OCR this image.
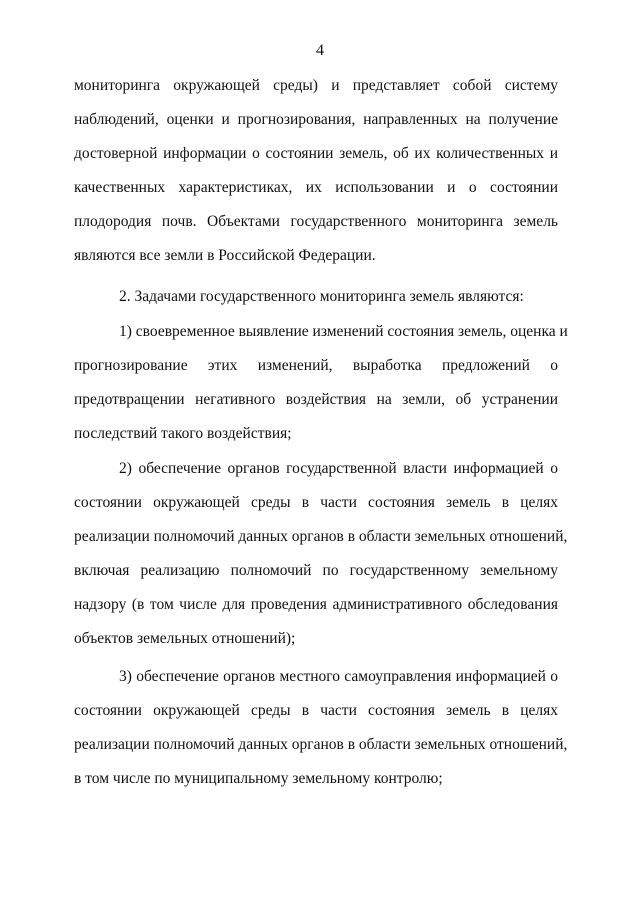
4
мониторинга окружающей среды) и представляет собой систему
наблюдений, оценки и прогнозирования, направленных на получение
достоверной информации о состоянии земель, об их количественных и
качественных характеристиках, их использовании и о состоянии
плодородия почв. Объектами государственного мониторинга земель
являются все земли в Российской Федерации.
2. Задачами государственного мониторинга земель являются:
1) своевременное выявление изменений состояния земель, оценка и
прогнозирование этих изменений, выработка предложений о
предотвращении негативного воздействия на земли, об устранении
последствий такого воздействия;
2) обеспечение органов государственной власти информацией о
состоянии окружающей среды в части состояния земель в целях
реализации полномочий данных органов в области земельных отношений,
включая реализацию полномочий по государственному земельному
надзору (в том числе для проведения административного обследования
объектов земельных отношений);
3) обеспечение органов местного самоуправления информацией о
состоянии окружающей среды в части состояния земель в целях
реализации полномочий данных органов в области земельных отношений,
в том числе по муниципальному земельному контролю;
